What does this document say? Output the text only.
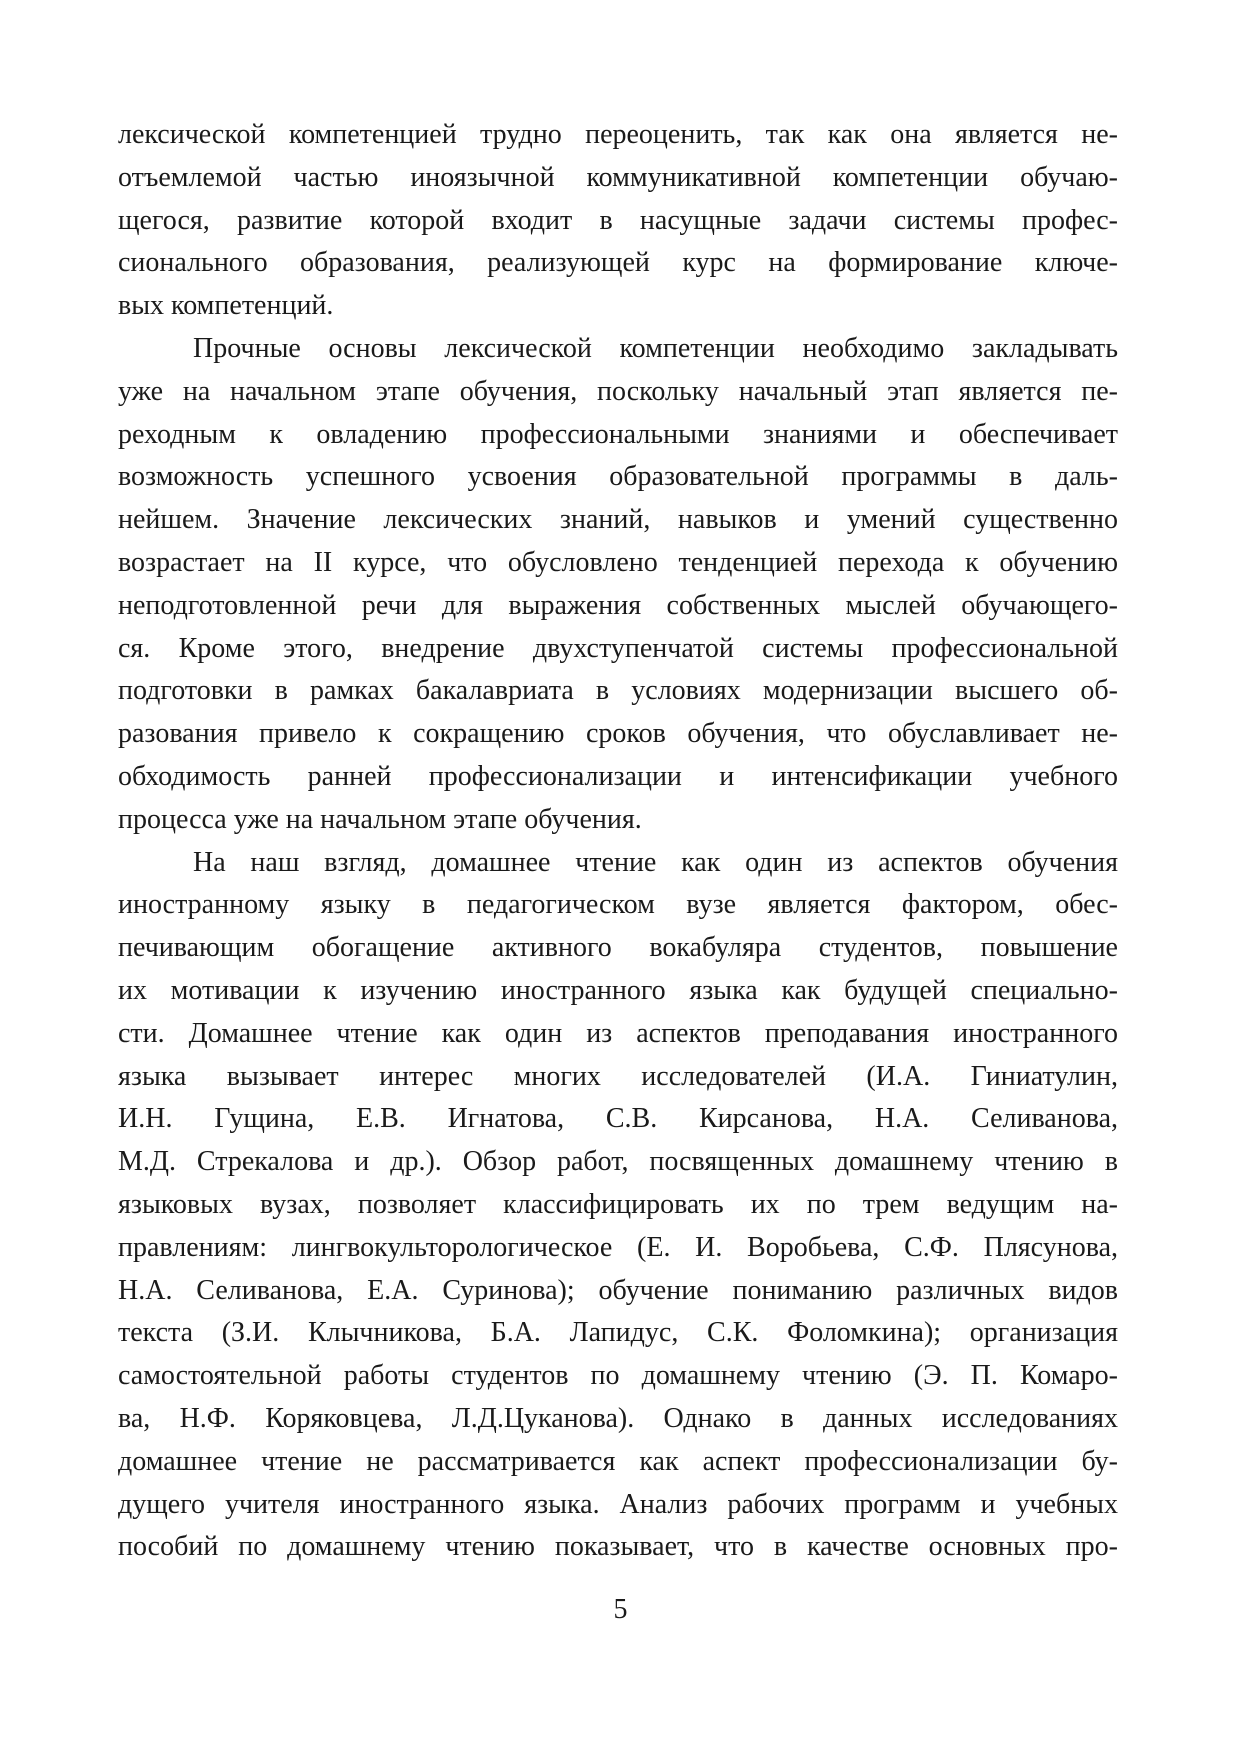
лексической компетенцией трудно переоценить, так как она является не-
отъемлемой частью иноязычной коммуникативной компетенции обучаю-
щегося, развитие которой входит в насущные задачи системы профес-
сионального образования, реализующей курс на формирование ключе-
вых компетенций.
Прочные основы лексической компетенции необходимо закладывать
уже на начальном этапе обучения, поскольку начальный этап является пе-
реходным к овладению профессиональными знаниями и обеспечивает
возможность успешного усвоения образовательной программы в даль-
нейшем. Значение лексических знаний, навыков и умений существенно
возрастает на II курсе, что обусловлено тенденцией перехода к обучению
неподготовленной речи для выражения собственных мыслей обучающего-
ся. Кроме этого, внедрение двухступенчатой системы профессиональной
подготовки в рамках бакалавриата в условиях модернизации высшего об-
разования привело к сокращению сроков обучения, что обуславливает не-
обходимость ранней профессионализации и интенсификации учебного
процесса уже на начальном этапе обучения.
На наш взгляд, домашнее чтение как один из аспектов обучения
иностранному языку в педагогическом вузе является фактором, обес-
печивающим обогащение активного вокабуляра студентов, повышение
их мотивации к изучению иностранного языка как будущей специально-
сти. Домашнее чтение как один из аспектов преподавания иностранного
языка вызывает интерес многих исследователей (И.А. Гиниатулин,
И.Н. Гущина, Е.В. Игнатова, С.В. Кирсанова, Н.А. Селиванова,
М.Д. Стрекалова и др.). Обзор работ, посвященных домашнему чтению в
языковых вузах, позволяет классифицировать их по трем ведущим на-
правлениям: лингвокульторологическое (Е. И. Воробьева, С.Ф. Плясунова,
Н.А. Селиванова, Е.А. Суринова); обучение пониманию различных видов
текста (З.И. Клычникова, Б.А. Лапидус, С.К. Фоломкина); организация
самостоятельной работы студентов по домашнему чтению (Э. П. Комаро-
ва, Н.Ф. Коряковцева, Л.Д.Цуканова). Однако в данных исследованиях
домашнее чтение не рассматривается как аспект профессионализации бу-
дущего учителя иностранного языка. Анализ рабочих программ и учебных
пособий по домашнему чтению показывает, что в качестве основных про-
5
